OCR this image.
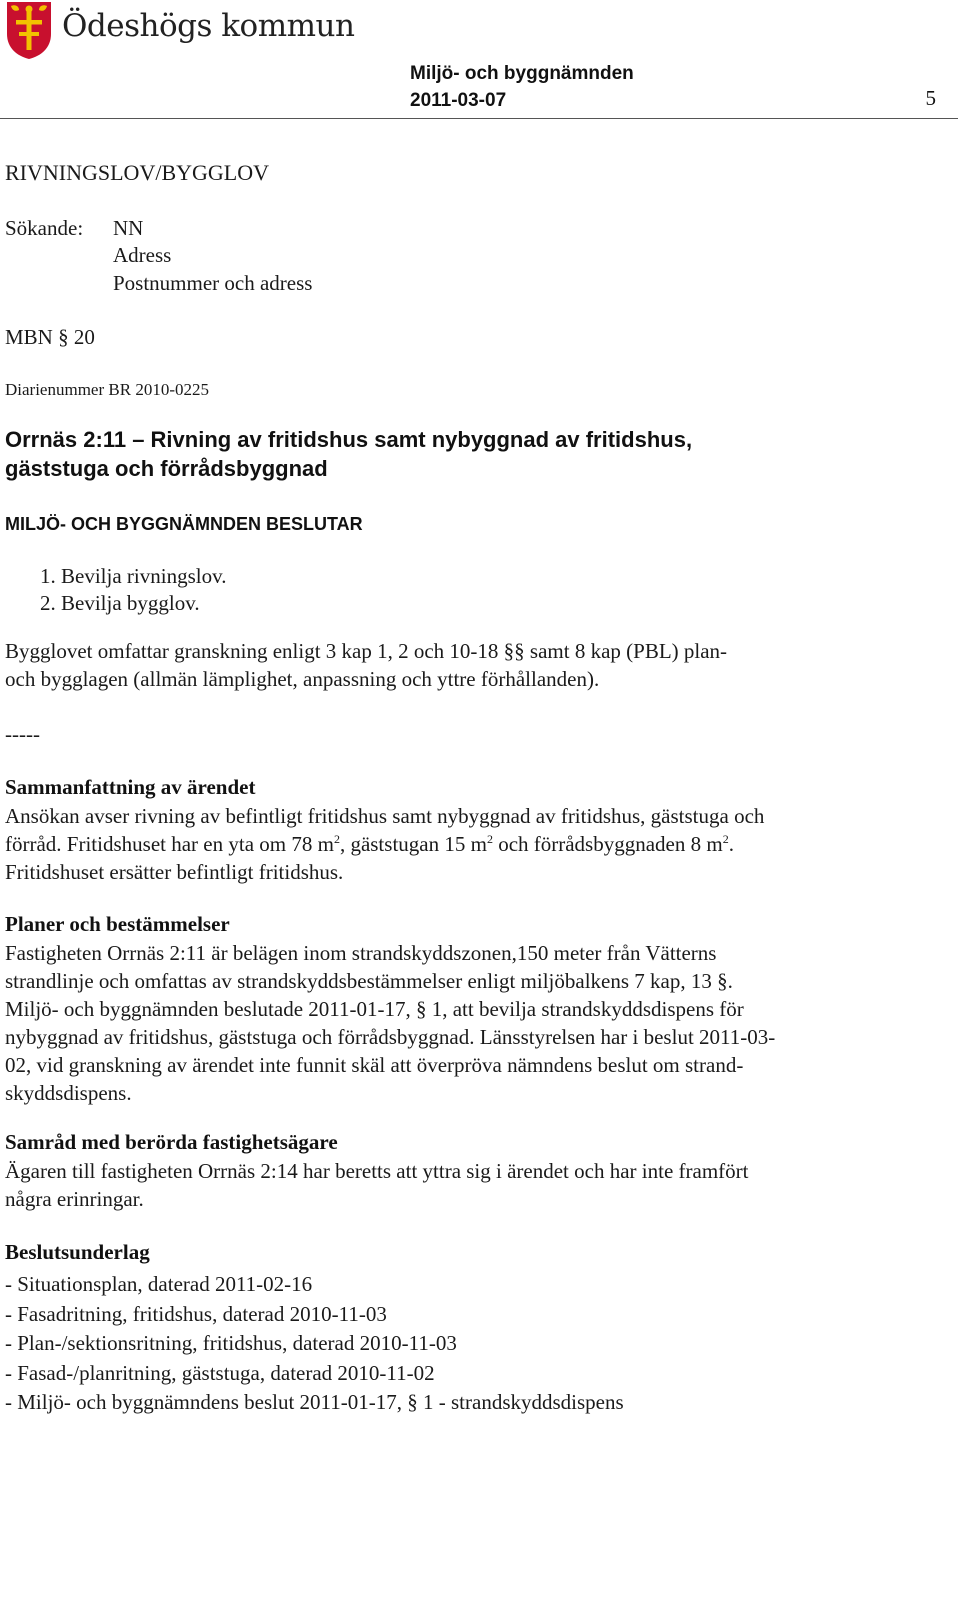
Ödeshögs kommun
Miljö- och byggnämnden
2011-03-07	5
RIVNINGSLOV/BYGGLOV
Sökande: NN
Adress
Postnummer och adress
MBN § 20
Diarienummer BR 2010-0225
Orrnäs 2:11 – Rivning av fritidshus samt nybyggnad av fritidshus,
gäststuga och förrådsbyggnad
MILJÖ- OCH BYGGNÄMNDEN BESLUTAR
1. Bevilja rivningslov.
2. Bevilja bygglov.
Bygglovet omfattar granskning enligt 3 kap 1, 2 och 10-18 §§ samt 8 kap (PBL) plan-
och bygglagen (allmän lämplighet, anpassning och yttre förhållanden).
-----
Sammanfattning av ärendet
Ansökan avser rivning av befintligt fritidshus samt nybyggnad av fritidshus, gäststuga och
förråd. Fritidshuset har en yta om 78 $m^2$, gäststugan 15 $m^2$ och förrådsbyggnaden 8 $m^2$.
Fritidshuset ersätter befintligt fritidshus.
Planer och bestämmelser
Fastigheten Orrnäs 2:11 är belägen inom strandskyddszonen,150 meter från Vätterns
strandlinje och omfattas av strandskyddsbestämmelser enligt miljöbalkens 7 kap, 13 §.
Miljö- och byggnämnden beslutade 2011-01-17, § 1, att bevilja strandskyddsdispens för
nybyggnad av fritidshus, gäststuga och förrådsbyggnad. Länsstyrelsen har i beslut 2011-03-
02, vid granskning av ärendet inte funnit skäl att överpröva nämndens beslut om strand-
skyddsdispens.
Samråd med berörda fastighetsägare
Ägaren till fastigheten Orrnäs 2:14 har beretts att yttra sig i ärendet och har inte framfört
några erinringar.
Beslutsunderlag
- Situationsplan, daterad 2011-02-16
- Fasadritning, fritidshus, daterad 2010-11-03
- Plan-/sektionsritning, fritidshus, daterad 2010-11-03
- Fasad-/planritning, gäststuga, daterad 2010-11-02
- Miljö- och byggnämndens beslut 2011-01-17, § 1 - strandskyddsdispens
